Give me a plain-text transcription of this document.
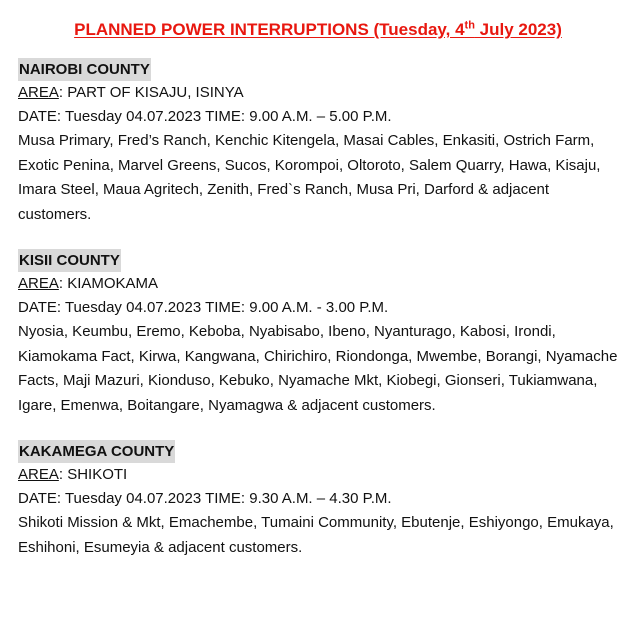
PLANNED POWER INTERRUPTIONS (Tuesday, 4th July 2023)
NAIROBI COUNTY
AREA: PART OF KISAJU, ISINYA
DATE: Tuesday 04.07.2023 TIME: 9.00 A.M. – 5.00 P.M.
Musa Primary, Fred’s Ranch, Kenchic Kitengela, Masai Cables, Enkasiti, Ostrich Farm, Exotic Penina, Marvel Greens, Sucos, Korompoi, Oltoroto, Salem Quarry, Hawa, Kisaju, Imara Steel, Maua Agritech, Zenith, Fred`s Ranch, Musa Pri, Darford & adjacent customers.
KISII COUNTY
AREA: KIAMOKAMA
DATE: Tuesday 04.07.2023 TIME: 9.00 A.M. - 3.00 P.M.
Nyosia, Keumbu, Eremo, Keboba, Nyabisabo, Ibeno, Nyanturago, Kabosi, Irondi, Kiamokama Fact, Kirwa, Kangwana, Chirichiro, Riondonga, Mwembe, Borangi, Nyamache Facts, Maji Mazuri, Kionduso, Kebuko, Nyamache Mkt, Kiobegi, Gionseri, Tukiamwana, Igare, Emenwa, Boitangare, Nyamagwa & adjacent customers.
KAKAMEGA COUNTY
AREA: SHIKOTI
DATE: Tuesday 04.07.2023 TIME: 9.30 A.M. – 4.30 P.M.
Shikoti Mission & Mkt, Emachembe, Tumaini Community, Ebutenje, Eshiyongo, Emukaya, Eshihoni, Esumeyia & adjacent customers.
